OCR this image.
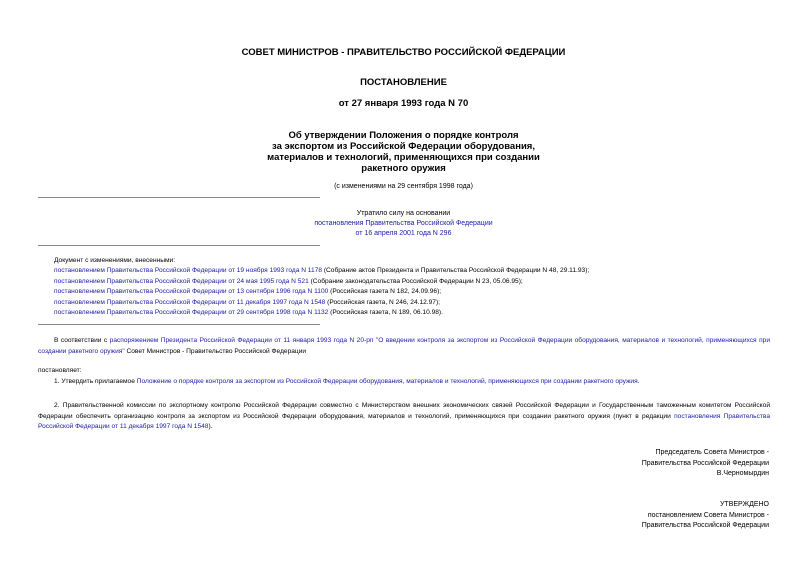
СОВЕТ МИНИСТРОВ - ПРАВИТЕЛЬСТВО РОССИЙСКОЙ ФЕДЕРАЦИИ
ПОСТАНОВЛЕНИЕ
от 27 января 1993 года N 70
Об утверждении Положения о порядке контроля
за экспортом из Российской Федерации оборудования,
материалов и технологий, применяющихся при создании
ракетного оружия
(с изменениями на 29 сентября 1998 года)
Утратило силу на основании
постановления Правительства Российской Федерации
от 16 апреля 2001 года N 296
Документ с изменениями, внесенными:
постановлением Правительства Российской Федерации от 19 ноября 1993 года N 1178 (Собрание актов Президента и Правительства Российской Федерации N 48, 29.11.93);
постановлением Правительства Российской Федерации от 24 мая 1995 года N 521 (Собрание законодательства Российской Федерации N 23, 05.06.95);
постановлением Правительства Российской Федерации от 13 сентября 1996 года N 1100 (Российская газета N 182, 24.09.96);
постановлением Правительства Российской Федерации от 11 декабря 1997 года N 1548 (Российская газета, N 246, 24.12.97);
постановлением Правительства Российской Федерации от 29 сентября 1998 года N 1132 (Российская газета, N 189, 06.10.98).
В соответствии с распоряжением Президента Российской Федерации от 11 января 1993 года N 20-рп "О введении контроля за экспортом из Российской Федерации оборудования, материалов и технологий, применяющихся при создании ракетного оружия" Совет Министров - Правительство Российской Федерации
постановляет:
1. Утвердить прилагаемое Положение о порядке контроля за экспортом из Российской Федерации оборудования, материалов и технологий, применяющихся при создании ракетного оружия.
2. Правительственной комиссии по экспортному контролю Российской Федерации совместно с Министерством внешних экономических связей Российской Федерации и Государственным таможенным комитетом Российской Федерации обеспечить организацию контроля за экспортом из Российской Федерации оборудования, материалов и технологий, применяющихся при создании ракетного оружия (пункт в редакции постановления Правительства Российской Федерации от 11 декабря 1997 года N 1548).
Председатель Совета Министров -
Правительства Российской Федерации
В.Черномырдин
УТВЕРЖДЕНО
постановлением Совета Министров -
Правительства Российской Федерации
